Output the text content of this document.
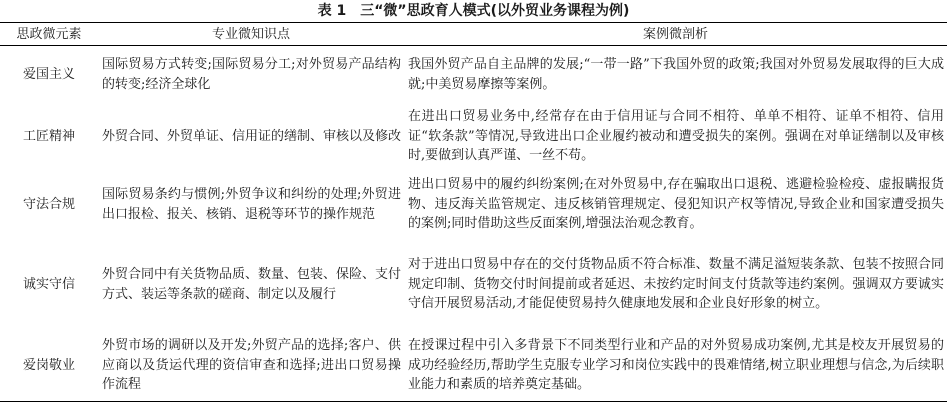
表 1 三“微”思政育人模式(以外贸业务课程为例)
思政微元素	专业微知识点	案例微剖析
爱国主义	国际贸易方式转变;国际贸易分工;对外贸易产品结构的转变;经济全球化	我国外贸产品自主品牌的发展;“一带一路”下我国外贸的政策;我国对外贸易发展取得的巨大成就;中美贸易摩擦等案例。
工匠精神	外贸合同、外贸单证、信用证的缮制、审核以及修改	在进出口贸易业务中,经常存在由于信用证与合同不相符、单单不相符、证单不相符、信用证“软条款”等情况,导致进出口企业履约被动和遭受损失的案例。强调在对单证缮制以及审核时,要做到认真严谨、一丝不苟。
守法合规	国际贸易条约与惯例;外贸争议和纠纷的处理;外贸进出口报检、报关、核销、退税等环节的操作规范	进出口贸易中的履约纠纷案例;在对外贸易中,存在骗取出口退税、逃避检验检疫、虚报瞒报货物、违反海关监管规定、违反核销管理规定、侵犯知识产权等情况,导致企业和国家遭受损失的案例;同时借助这些反面案例,增强法治观念教育。
诚实守信	外贸合同中有关货物品质、数量、包装、保险、支付方式、装运等条款的磋商、制定以及履行	对于进出口贸易中存在的交付货物品质不符合标准、数量不满足溢短装条款、包装不按照合同规定印制、货物交付时间提前或者延迟、未按约定时间支付货款等违约案例。强调双方要诚实守信开展贸易活动,才能促使贸易持久健康地发展和企业良好形象的树立。
爱岗敬业	外贸市场的调研以及开发;外贸产品的选择;客户、供应商以及货运代理的资信审查和选择;进出口贸易操作流程	在授课过程中引入多背景下不同类型行业和产品的对外贸易成功案例,尤其是校友开展贸易的成功经验经历,帮助学生克服专业学习和岗位实践中的畏难情绪,树立职业理想与信念,为后续职业能力和素质的培养奠定基础。
